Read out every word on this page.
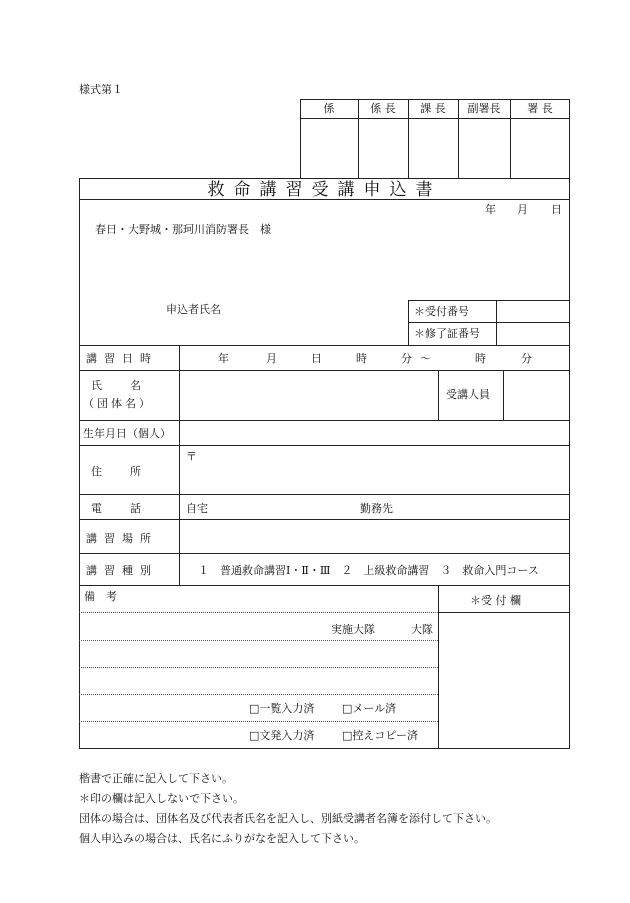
様式第１
係	係 長	課 長	副署長	署 長
救命講習受講申込書
年 月 日
春日・大野城・那珂川消防署長　様
申込者氏名	＊受付番号
＊修了証番号
講習日時	年	月	日	時	分 ～	時	分
氏　　名
（団体名）
受講人員
生年月日（個人）
住　　所
〒
電　　話	自宅	勤務先
講習場所
講習種別	１　普通救命講習Ⅰ・Ⅱ・Ⅲ　２　上級救命講習　３　救命入門コース
備　考	＊受 付 欄
実施大隊	大隊
□一覧入力済	□メール済
□文発入力済	□控えコピー済
楷書で正確に記入して下さい。
＊印の欄は記入しないで下さい。
団体の場合は、団体名及び代表者氏名を記入し、別紙受講者名簿を添付して下さい。
個人申込みの場合は、氏名にふりがなを記入して下さい。
